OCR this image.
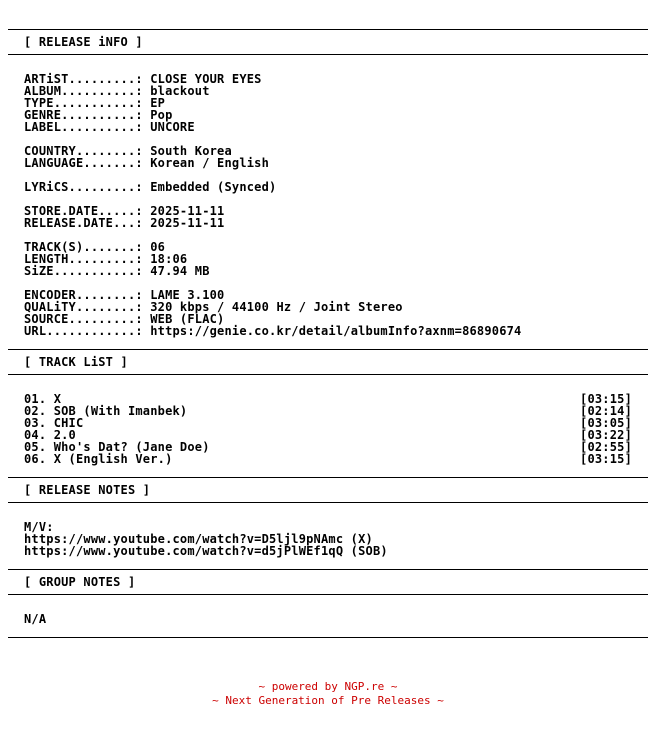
[ RELEASE iNFO ]
ARTiST.........: CLOSE YOUR EYES
ALBUM..........: blackout
TYPE...........: EP
GENRE..........: Pop
LABEL..........: UNCORE
COUNTRY........: South Korea
LANGUAGE.......: Korean / English
LYRiCS.........: Embedded (Synced)
STORE.DATE.....: 2025-11-11
RELEASE.DATE...: 2025-11-11
TRACK(S).......: 06
LENGTH.........: 18:06
SiZE...........: 47.94 MB
ENCODER........: LAME 3.100
QUALiTY........: 320 kbps / 44100 Hz / Joint Stereo
SOURCE.........: WEB (FLAC)
URL............: https://genie.co.kr/detail/albumInfo?axnm=86890674
[ TRACK LiST ]
01. X	[03:15]
02. SOB (With Imanbek)	[02:14]
03. CHIC	[03:05]
04. 2.0	[03:22]
05. Who's Dat? (Jane Doe)	[02:55]
06. X (English Ver.)	[03:15]
[ RELEASE NOTES ]
M/V:
https://www.youtube.com/watch?v=D5ljl9pNAmc (X)
https://www.youtube.com/watch?v=d5jPlWEf1qQ (SOB)
[ GROUP NOTES ]
N/A
~ powered by NGP.re ~
~ Next Generation of Pre Releases ~
